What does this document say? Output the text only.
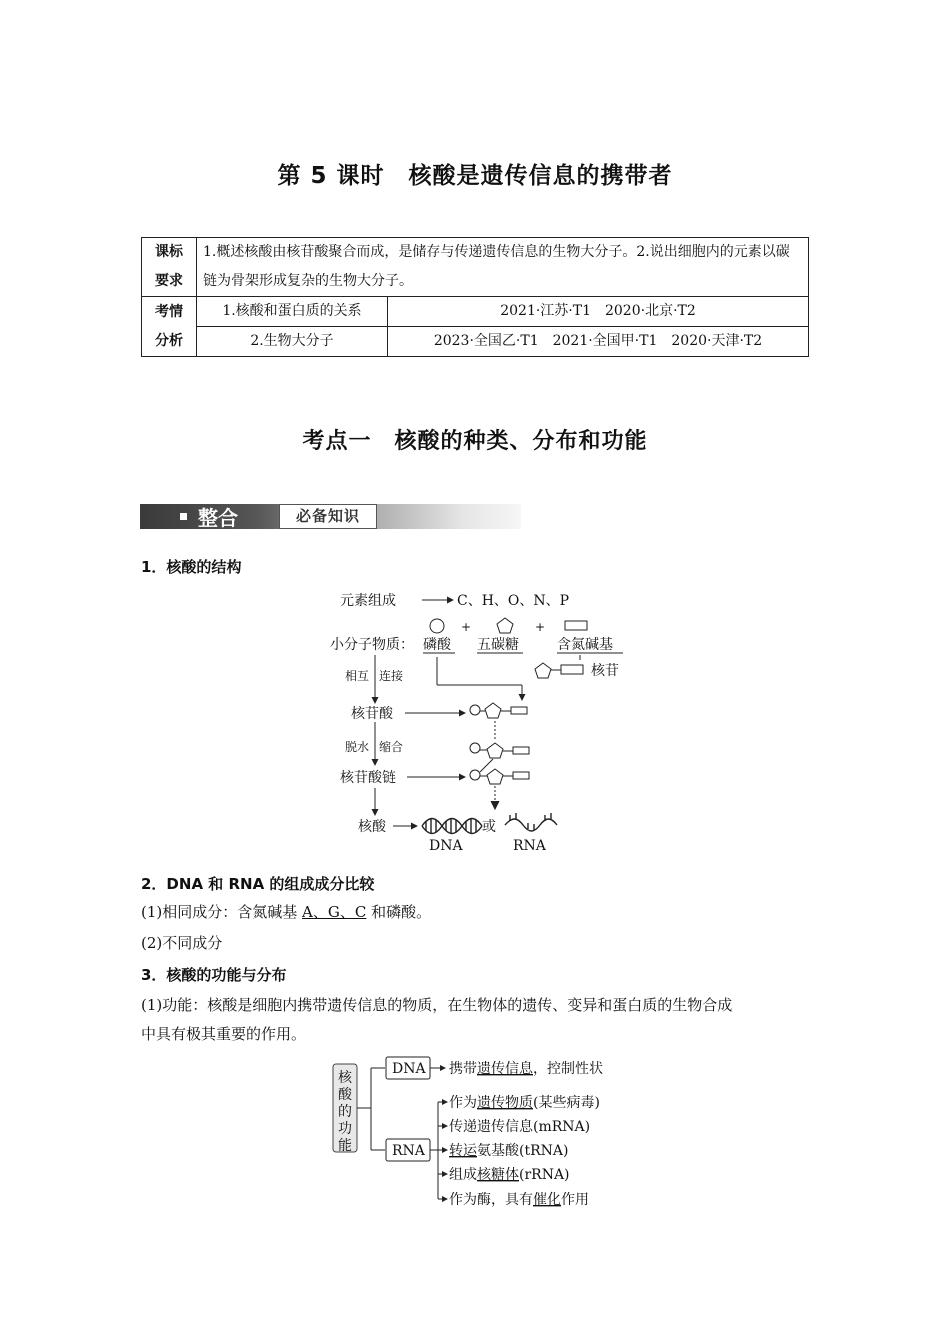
第 5 课时　核酸是遗传信息的携带者
课标
要求	1.概述核酸由核苷酸聚合而成，是储存与传递遗传信息的生物大分子。2.说出细胞内的元素以碳链为骨架形成复杂的生物大分子。	

考情
分析	1.核酸和蛋白质的关系	2021·江苏·T1　2020·北京·T2
	2.生物大分子	2023·全国乙·T1　2021·全国甲·T1　2020·天津·T2
考点一　核酸的种类、分布和功能
整合	必备知识
1．核酸的结构
元素组成	C、H、O、N、P
小分子物质： 磷酸 五碳糖	含氮碱基
+	+
核苷
相互 连接
核苷酸
脱水 缩合
核苷酸链
核酸	或
DNA	RNA
2．DNA 和 RNA 的组成成分比较
(1)相同成分：含氮碱基 A、G、C 和磷酸。
(2)不同成分
3．核酸的功能与分布
(1)功能：核酸是细胞内携带遗传信息的物质，在生物体的遗传、变异和蛋白质的生物合成
中具有极其重要的作用。
核
酸
的
功
能
DNA
RNA
携带遗传信息，控制性状
作为遗传物质(某些病毒)
传递遗传信息(mRNA)
转运氨基酸(tRNA)
组成核糖体(rRNA)
作为酶，具有催化作用
